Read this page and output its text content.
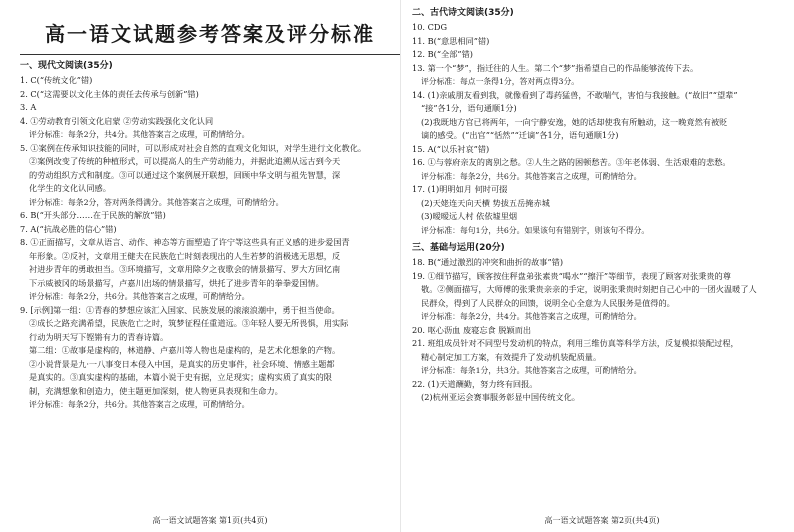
高一语文试题参考答案及评分标准
一、现代文阅读(35分)
1. C(“传统文化”错)
2. C(“这需要以文化主体的责任去传承与创新”错)
3. A
4. ①劳动教育引领文化启蒙 ②劳动实践强化文化认同
评分标准：每条2分，共4分。其他答案言之成理，可酌情给分。
5. ①案例在传承知识技能的同时，可以形成对社会自然的直观文化知识，对学生进行文化教化。
②案例改变了传统的种植形式，可以提高人的生产劳动能力，并据此追溯从远古到今天
的劳动组织方式和制度。③可以通过这个案例展开联想，回顾中华文明与祖先智慧，深
化学生的文化认同感。
评分标准：每条2分，答对两条得满分。其他答案言之成理，可酌情给分。
6. B(“开头部分……在于民族的解放”错)
7. A(“抗战必胜的信心”错)
8. ①正面描写，文章从语言、动作、神态等方面塑造了许宁等这些具有正义感的进步爱国青
年形象。②反衬，文章用王健夫在民族危亡时刻表现出的人生若梦的消极逃无思想，反
衬进步青年的勇敢担当。③环境描写，文章用除夕之夜歌会的情景描写、罗大方回忆南
下示威被冈的场景描写，卢嘉川出场的情景描写，烘托了进步青年的拳拳爱国情。
评分标准：每条2分，共6分。其他答案言之成理，可酌情给分。
9. [示例]第一组：①青春的梦想应该汇入国家、民族发展的滚滚浪潮中，勇于担当使命。
②成长之路充满希望，民族危亡之时，筑梦征程任重道远。③年轻人要无所畏惧，用实际
行动为明天写下铿锵有力的青春诗篇。
第二组：①故事是虚构的，林道静、卢嘉川等人物也是虚构的，是艺术化想象的产物。
②小说背景是九·一八事变日本侵入中国，是真实的历史事件，社会环境、情感主题都
是真实的。③真实虚构的基础，本篇小说于史有据，立足现实；虚构实质了真实的限
制，充满想象和创造力，使主题更加深刻，使人物更具表现和生命力。
评分标准：每条2分，共6分。其他答案言之成理，可酌情给分。
高一语文试题答案 第1页(共4页)
二、古代诗文阅读(35分)
10. CDG
11. B(“意思相同”错)
12. B(“全部”错)
13. 第一个“梦”，指迁往的人生。第二个“梦”指希望自己的作品能够流传下去。
评分标准：每点一条得1分，答对两点得3分。
14. (1)亲戚朋友看到我，就像看到了毒药猛兽，不敢喘气，害怕与我接触。(“故旧”“望辈”
“接”各1分，语句通顺1分)
(2)我既地方官已将两年，一向宁静安逸，她的话却使我有所触动，这一晚竟然有被贬
谪的感受。(“出官”“恬然”“迁谪”各1分，语句通顺1分)
15. A(“以乐衬哀”错)
16. ①与蓉府亲友的离别之愁。②人生之路的困顿愁苦。③年老体弱、生活艰难的悲愁。
评分标准：每条2分，共6分。其他答案言之成理，可酌情给分。
17. (1)明明如月 何时可掇
(2)天姥连天向天横 势拔五岳掩赤城
(3)暧暧远人村 依依墟里烟
评分标准：每句1分，共6分。如果该句有错别字，则该句不得分。
三、基础与运用(20分)
18. B(“通过激烈的冲突和曲折的故事”错)
19. ①细节描写，顾客按住秤盘弟张素贵“喝水”“擦汗”等细节，表现了顾客对张秉贵的尊
敬。②侧面描写，大师傅的张秉贵亲亲的手定，说明张秉贵时刻把自己心中的一团火温暖了人
民群众，得到了人民群众的回馈，说明全心全意为人民服务是值得的。
评分标准：每条2分，共4分。其他答案言之成理，可酌情给分。
20. 呕心沥血 废寝忘食 脱颖而出
21. 班组成员针对不同型号发动机的特点，利用三维仿真等科学方法，反复模拟装配过程，
精心制定加工方案，有效提升了发动机装配质量。
评分标准：每条1分，共3分。其他答案言之成理，可酌情给分。
22. (1)天道酬勤，努力终有回报。
(2)杭州亚运会赛事服务彰显中国传统文化。
高一语文试题答案 第2页(共4页)
